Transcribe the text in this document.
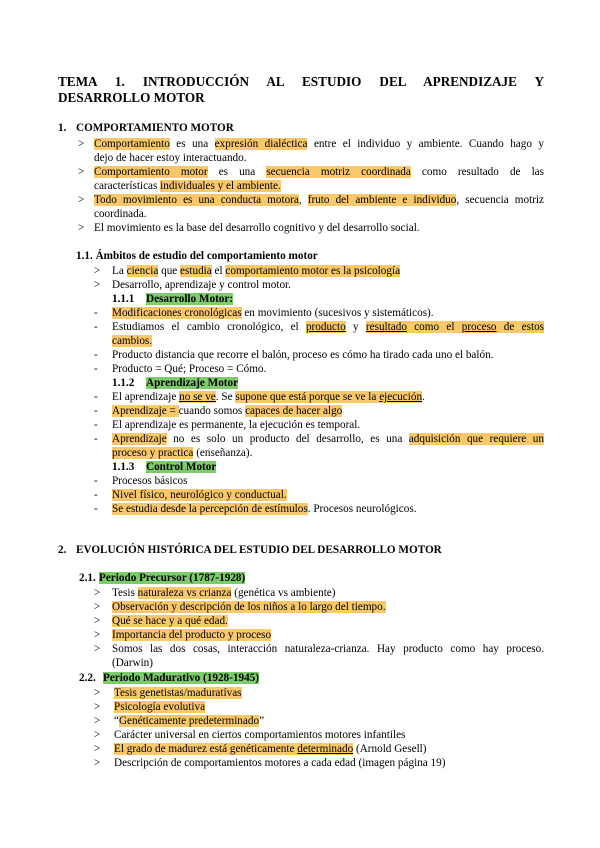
TEMA 1. INTRODUCCIÓN AL ESTUDIO DEL APRENDIZAJE Y
DESARROLLO MOTOR
1. COMPORTAMIENTO MOTOR
> Comportamiento es una expresión dialéctica entre el individuo y ambiente. Cuando hago y
dejo de hacer estoy interactuando.
> Comportamiento motor es una secuencia motriz coordinada como resultado de las
características individuales y el ambiente.
> Todo movimiento es una conducta motora, fruto del ambiente e individuo, secuencia motriz
coordinada.
> El movimiento es la base del desarrollo cognitivo y del desarrollo social.
1.1. Ámbitos de estudio del comportamiento motor
>	La ciencia que estudia el comportamiento motor es la psicología
>	Desarrollo, aprendizaje y control motor.
1.1.1 Desarrollo Motor:
-	Modificaciones cronológicas en movimiento (sucesivos y sistemáticos).
-	Estudiamos el cambio cronológico, el producto y resultado como el proceso de estos
cambios.
-	Producto distancia que recorre el balón, proceso es cómo ha tirado cada uno el balón.
-	Producto = Qué; Proceso = Cómo.
1.1.2 Aprendizaje Motor
-	El aprendizaje no se ve. Se supone que está porque se ve la ejecución.
-	Aprendizaje = cuando somos capaces de hacer algo
-	El aprendizaje es permanente, la ejecución es temporal.
-	Aprendizaje no es solo un producto del desarrollo, es una adquisición que requiere un
proceso y practica (enseñanza).
1.1.3 Control Motor
-	Procesos básicos
-	Nivel físico, neurológico y conductual.
-	Se estudia desde la percepción de estímulos. Procesos neurológicos.
2. EVOLUCIÓN HISTÓRICA DEL ESTUDIO DEL DESARROLLO MOTOR
2.1. Periodo Precursor (1787-1928)
>	Tesis naturaleza vs crianza (genética vs ambiente)
>	Observación y descripción de los niños a lo largo del tiempo.
>	Qué se hace y a qué edad.
>	Importancia del producto y proceso
>	Somos las dos cosas, interacción naturaleza-crianza. Hay producto como hay proceso.
(Darwin)
2.2. Periodo Madurativo (1928-1945)
>	Tesis genetistas/maduratívas
>	Psicología evolutiva
>	“Genéticamente predeterminado”
>	Carácter universal en ciertos comportamientos motores infantiles
>	El grado de madurez está genéticamente determinado (Arnold Gesell)
>	Descripción de comportamientos motores a cada edad (imagen página 19)
